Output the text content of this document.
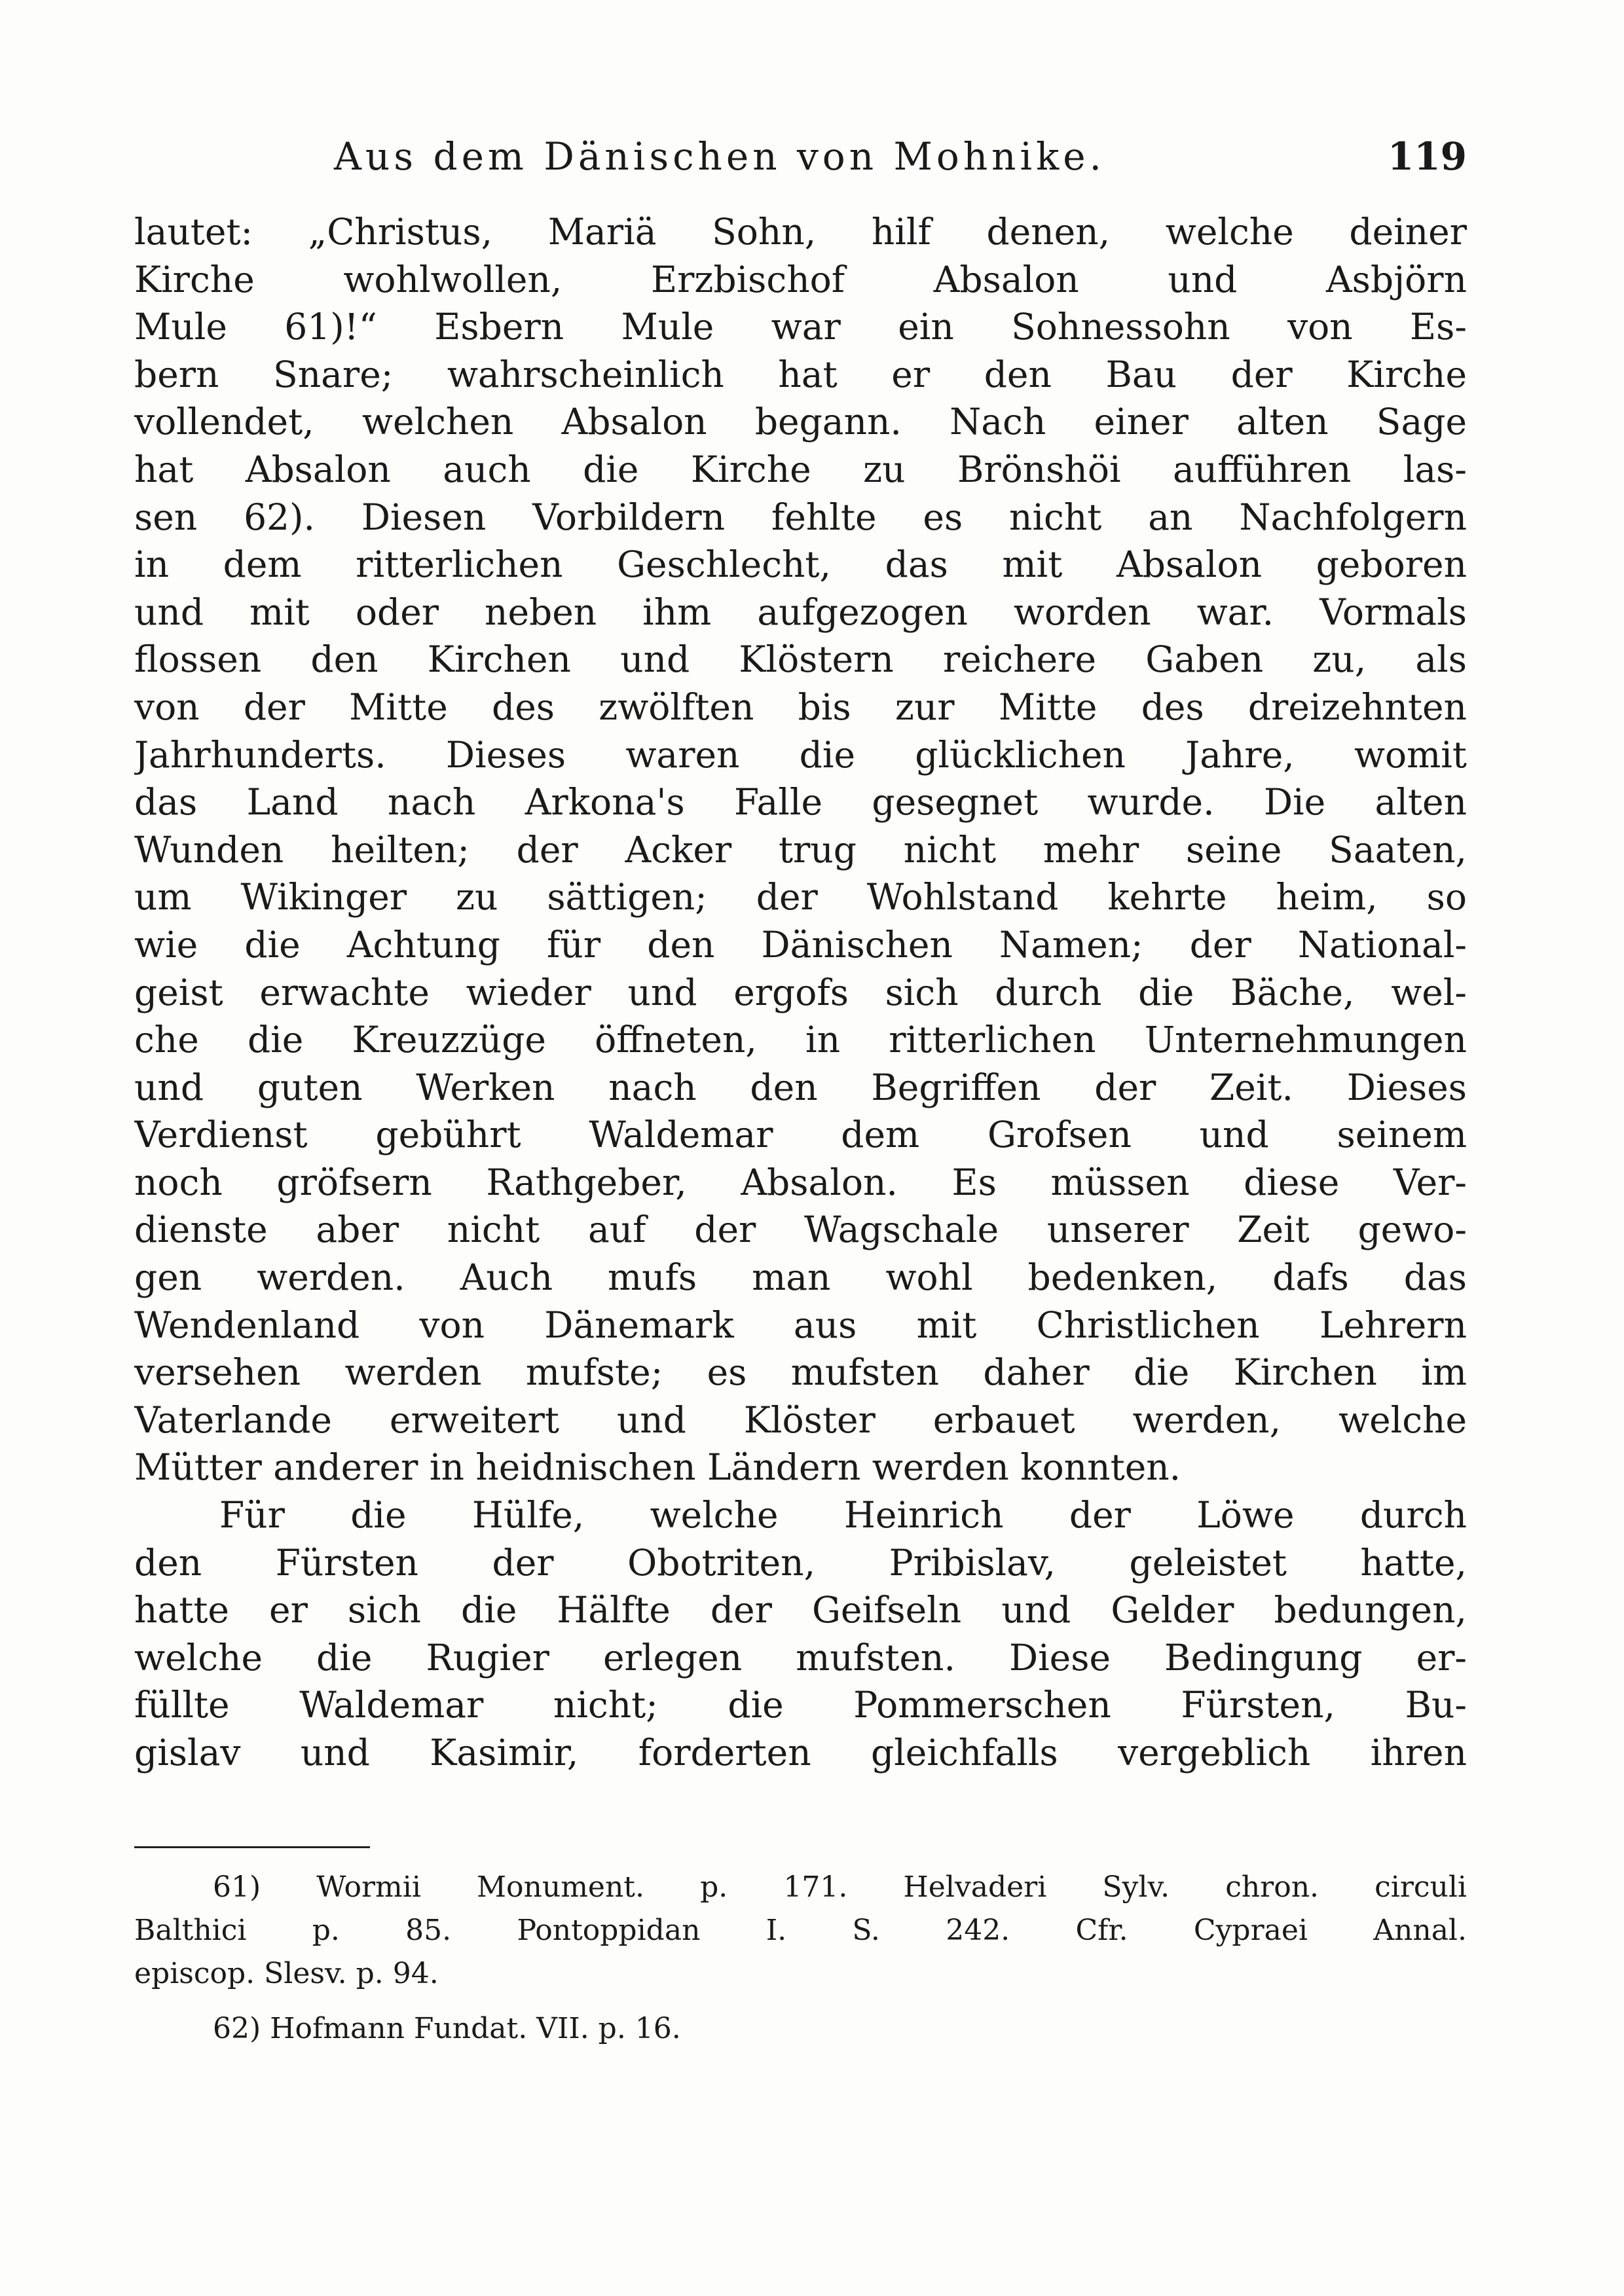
Aus dem Dänischen von Mohnike.	119
lautet: „Christus, Mariä Sohn, hilf denen, welche deiner
Kirche wohlwollen, Erzbischof Absalon und Asbjörn
Mule 61)!“ Esbern Mule war ein Sohnessohn von Es-
bern Snare; wahrscheinlich hat er den Bau der Kirche
vollendet, welchen Absalon begann. Nach einer alten Sage
hat Absalon auch die Kirche zu Brönshöi aufführen las-
sen 62). Diesen Vorbildern fehlte es nicht an Nachfolgern
in dem ritterlichen Geschlecht, das mit Absalon geboren
und mit oder neben ihm aufgezogen worden war. Vormals
flossen den Kirchen und Klöstern reichere Gaben zu, als
von der Mitte des zwölften bis zur Mitte des dreizehnten
Jahrhunderts. Dieses waren die glücklichen Jahre, womit
das Land nach Arkona's Falle gesegnet wurde. Die alten
Wunden heilten; der Acker trug nicht mehr seine Saaten,
um Wikinger zu sättigen; der Wohlstand kehrte heim, so
wie die Achtung für den Dänischen Namen; der National-
geist erwachte wieder und ergofs sich durch die Bäche, wel-
che die Kreuzzüge öffneten, in ritterlichen Unternehmungen
und guten Werken nach den Begriffen der Zeit. Dieses
Verdienst gebührt Waldemar dem Grofsen und seinem
noch gröfsern Rathgeber, Absalon. Es müssen diese Ver-
dienste aber nicht auf der Wagschale unserer Zeit gewo-
gen werden. Auch mufs man wohl bedenken, dafs das
Wendenland von Dänemark aus mit Christlichen Lehrern
versehen werden mufste; es mufsten daher die Kirchen im
Vaterlande erweitert und Klöster erbauet werden, welche
Mütter anderer in heidnischen Ländern werden konnten.
Für die Hülfe, welche Heinrich der Löwe durch
den Fürsten der Obotriten, Pribislav, geleistet hatte,
hatte er sich die Hälfte der Geifseln und Gelder bedungen,
welche die Rugier erlegen mufsten. Diese Bedingung er-
füllte Waldemar nicht; die Pommerschen Fürsten, Bu-
gislav und Kasimir, forderten gleichfalls vergeblich ihren
61) Wormii Monument. p. 171. Helvaderi Sylv. chron. circuli
Balthici p. 85. Pontoppidan I. S. 242. Cfr. Cypraei Annal.
episcop. Slesv. p. 94.
62) Hofmann Fundat. VII. p. 16.
